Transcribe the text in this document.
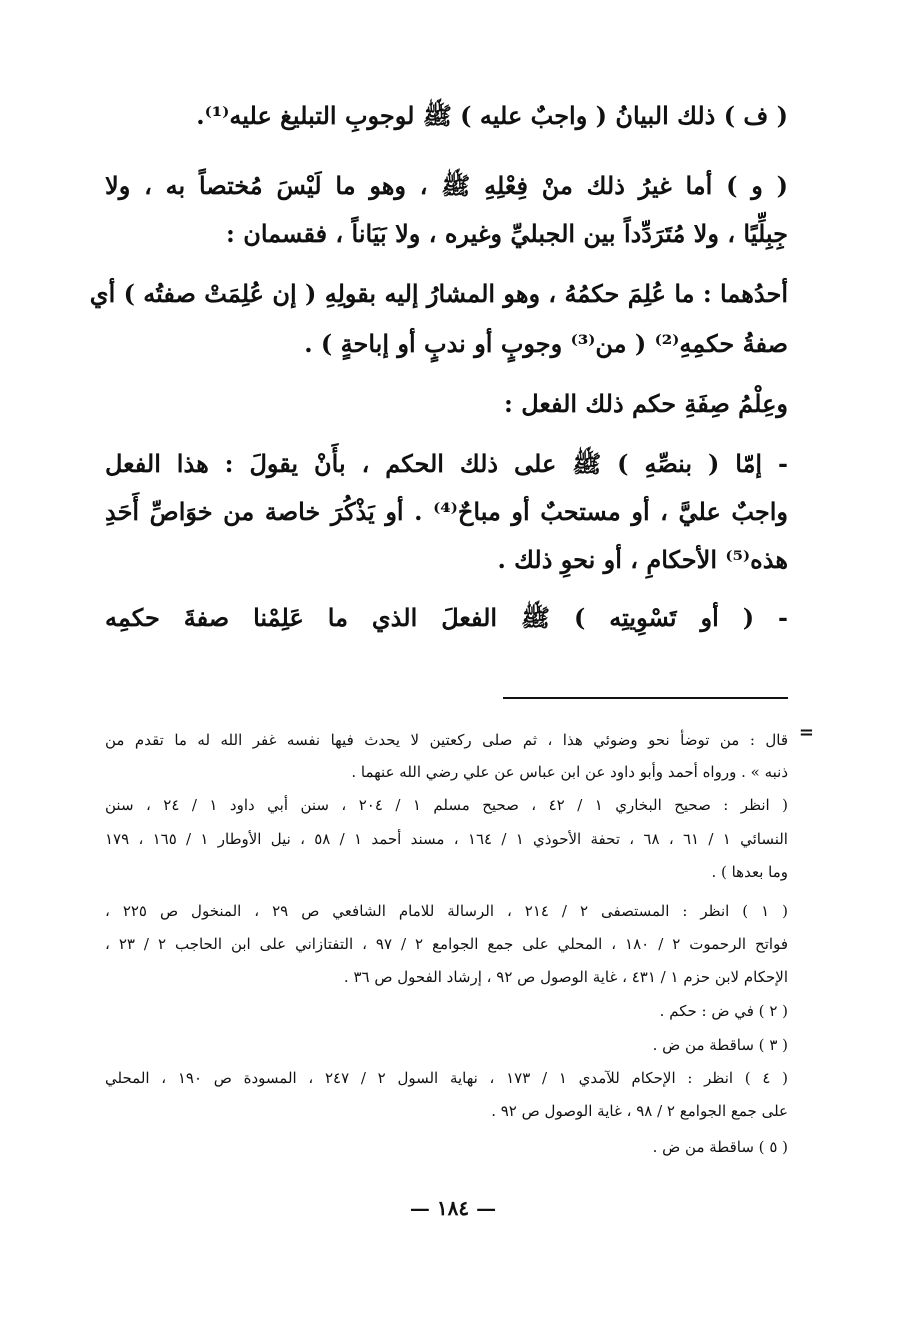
( ف ) ذلك البيانُ ( واجبٌ عليه ) ﷺ لوجوبِ التبليغ عليه⁽¹⁾.
( و ) أما غيرُ ذلك منْ فِعْلِهِ ﷺ ، وهو ما لَيْسَ مُختصاً به ، ولا
جِبِلِّيًا ، ولا مُتَرَدِّداً بين الجبليِّ وغيره ، ولا بَيَاناً ، فقسمان :
أحدُهما : ما عُلِمَ حكمُهُ ، وهو المشارُ إليه بقولِهِ ( إن عُلِمَتْ صفتُه ) أي
صفةُ حكمِهِ⁽²⁾ ( من⁽³⁾ وجوبٍ أو ندبٍ أو إباحةٍ ) .
وعِلْمُ صِفَةِ حكم ذلك الفعل :
- إمّا ( بنصِّهِ ) ﷺ على ذلك الحكم ، بأَنْ يقولَ : هذا الفعل
واجبٌ عليَّ ، أو مستحبٌ أو مباحٌ⁽⁴⁾ . أو يَذْكُرَ خاصة من خوَاصِّ أَحَدِ
هذه⁽⁵⁾ الأحكامِ ، أو نحوِ ذلك .
- ( أو تَسْوِيتِه ) ﷺ الفعلَ الذي ما عَلِمْنا صفةَ حكمِه
=
قال : من توضأ نحو وضوئي هذا ، ثم صلى ركعتين لا يحدث فيها نفسه غفر الله له ما تقدم من
ذنبه » . ورواه أحمد وأبو داود عن ابن عباس عن علي رضي الله عنهما .
( انظر : صحيح البخاري ١ / ٤٢ ، صحيح مسلم ١ / ٢٠٤ ، سنن أبي داود ١ / ٢٤ ، سنن
النسائي ١ / ٦١ ، ٦٨ ، تحفة الأحوذي ١ / ١٦٤ ، مسند أحمد ١ / ٥٨ ، نيل الأوطار ١ / ١٦٥ ، ١٧٩
وما بعدها ) .
( ١ ) انظر : المستصفى ٢ / ٢١٤ ، الرسالة للامام الشافعي ص ٢٩ ، المنخول ص ٢٢٥ ،
فواتح الرحموت ٢ / ١٨٠ ، المحلي على جمع الجوامع ٢ / ٩٧ ، التفتازاني على ابن الحاجب ٢ / ٢٣ ،
الإحكام لابن حزم ١ / ٤٣١ ، غاية الوصول ص ٩٢ ، إرشاد الفحول ص ٣٦ .
( ٢ ) في ض : حكم .
( ٣ ) ساقطة من ض .
( ٤ ) انظر : الإحكام للآمدي ١ / ١٧٣ ، نهاية السول ٢ / ٢٤٧ ، المسودة ص ١٩٠ ، المحلي
على جمع الجوامع ٢ / ٩٨ ، غاية الوصول ص ٩٢ .
( ٥ ) ساقطة من ض .
— ١٨٤ —
